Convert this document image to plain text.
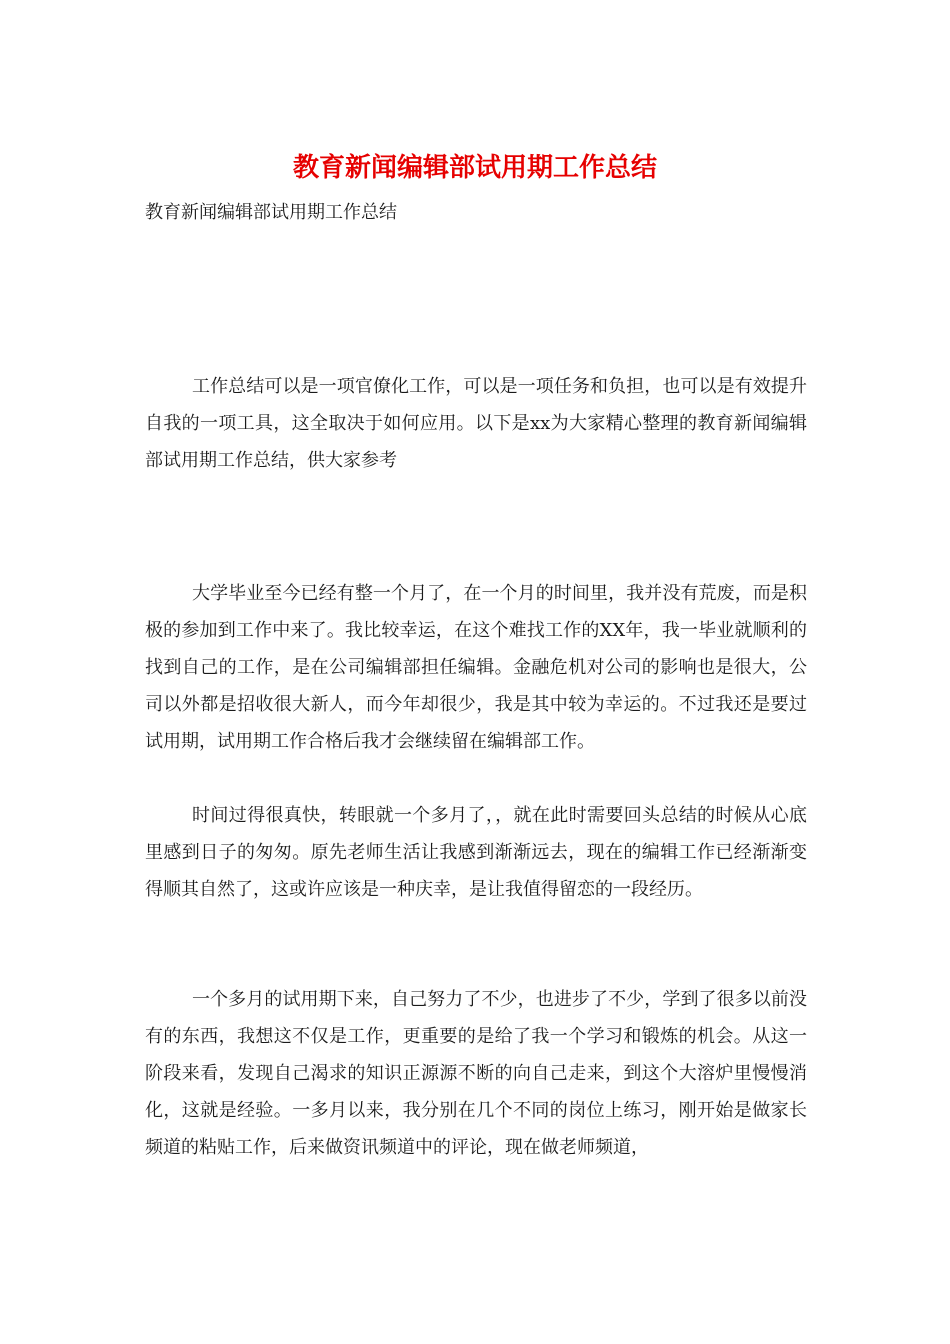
教育新闻编辑部试用期工作总结

教育新闻编辑部试用期工作总结

工作总结可以是一项官僚化工作，可以是一项任务和负担，也可以是有效提升自我的一项工具，这全取决于如何应用。以下是xx为大家精心整理的教育新闻编辑部试用期工作总结，供大家参考

大学毕业至今已经有整一个月了，在一个月的时间里，我并没有荒废，而是积极的参加到工作中来了。我比较幸运，在这个难找工作的XX年，我一毕业就顺利的找到自己的工作，是在公司编辑部担任编辑。金融危机对公司的影响也是很大，公司以外都是招收很大新人，而今年却很少，我是其中较为幸运的。不过我还是要过试用期，试用期工作合格后我才会继续留在编辑部工作。

时间过得很真快，转眼就一个多月了，，就在此时需要回头总结的时候从心底里感到日子的匆匆。原先老师生活让我感到渐渐远去，现在的编辑工作已经渐渐变得顺其自然了，这或许应该是一种庆幸，是让我值得留恋的一段经历。

一个多月的试用期下来，自己努力了不少，也进步了不少，学到了很多以前没有的东西，我想这不仅是工作，更重要的是给了我一个学习和锻炼的机会。从这一阶段来看，发现自己渴求的知识正源源不断的向自己走来，到这个大溶炉里慢慢消化，这就是经验。一多月以来，我分别在几个不同的岗位上练习，刚开始是做家长频道的粘贴工作，后来做资讯频道中的评论，现在做老师频道，
